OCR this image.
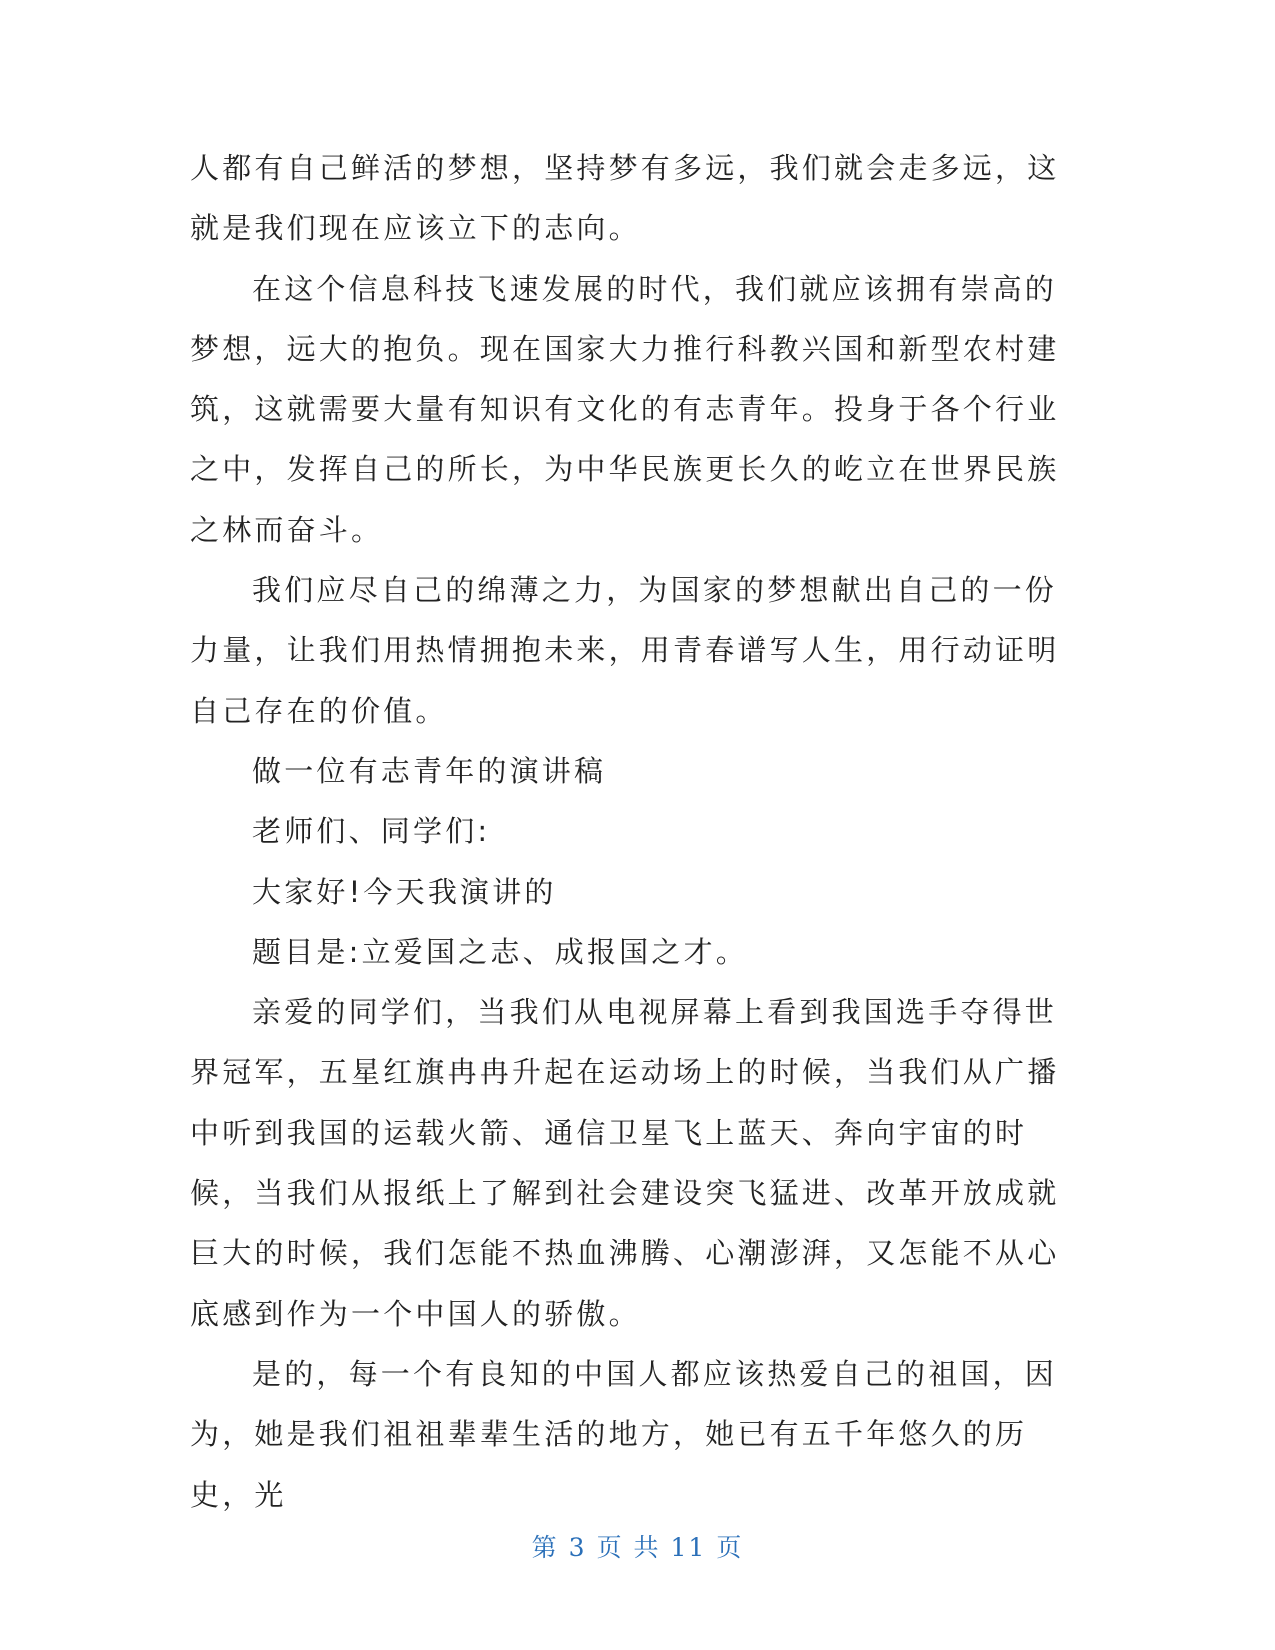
人都有自己鲜活的梦想，坚持梦有多远，我们就会走多远，这就是我们现在应该立下的志向。

在这个信息科技飞速发展的时代，我们就应该拥有崇高的梦想，远大的抱负。现在国家大力推行科教兴国和新型农村建筑，这就需要大量有知识有文化的有志青年。投身于各个行业之中，发挥自己的所长，为中华民族更长久的屹立在世界民族之林而奋斗。

我们应尽自己的绵薄之力，为国家的梦想献出自己的一份力量，让我们用热情拥抱未来，用青春谱写人生，用行动证明自己存在的价值。

做一位有志青年的演讲稿

老师们、同学们:

大家好!今天我演讲的

题目是:立爱国之志、成报国之才。

亲爱的同学们，当我们从电视屏幕上看到我国选手夺得世界冠军，五星红旗冉冉升起在运动场上的时候，当我们从广播中听到我国的运载火箭、通信卫星飞上蓝天、奔向宇宙的时候，当我们从报纸上了解到社会建设突飞猛进、改革开放成就巨大的时候，我们怎能不热血沸腾、心潮澎湃，又怎能不从心底感到作为一个中国人的骄傲。

是的，每一个有良知的中国人都应该热爱自己的祖国，因为，她是我们祖祖辈辈生活的地方，她已有五千年悠久的历史，光

第 3 页 共 11 页
